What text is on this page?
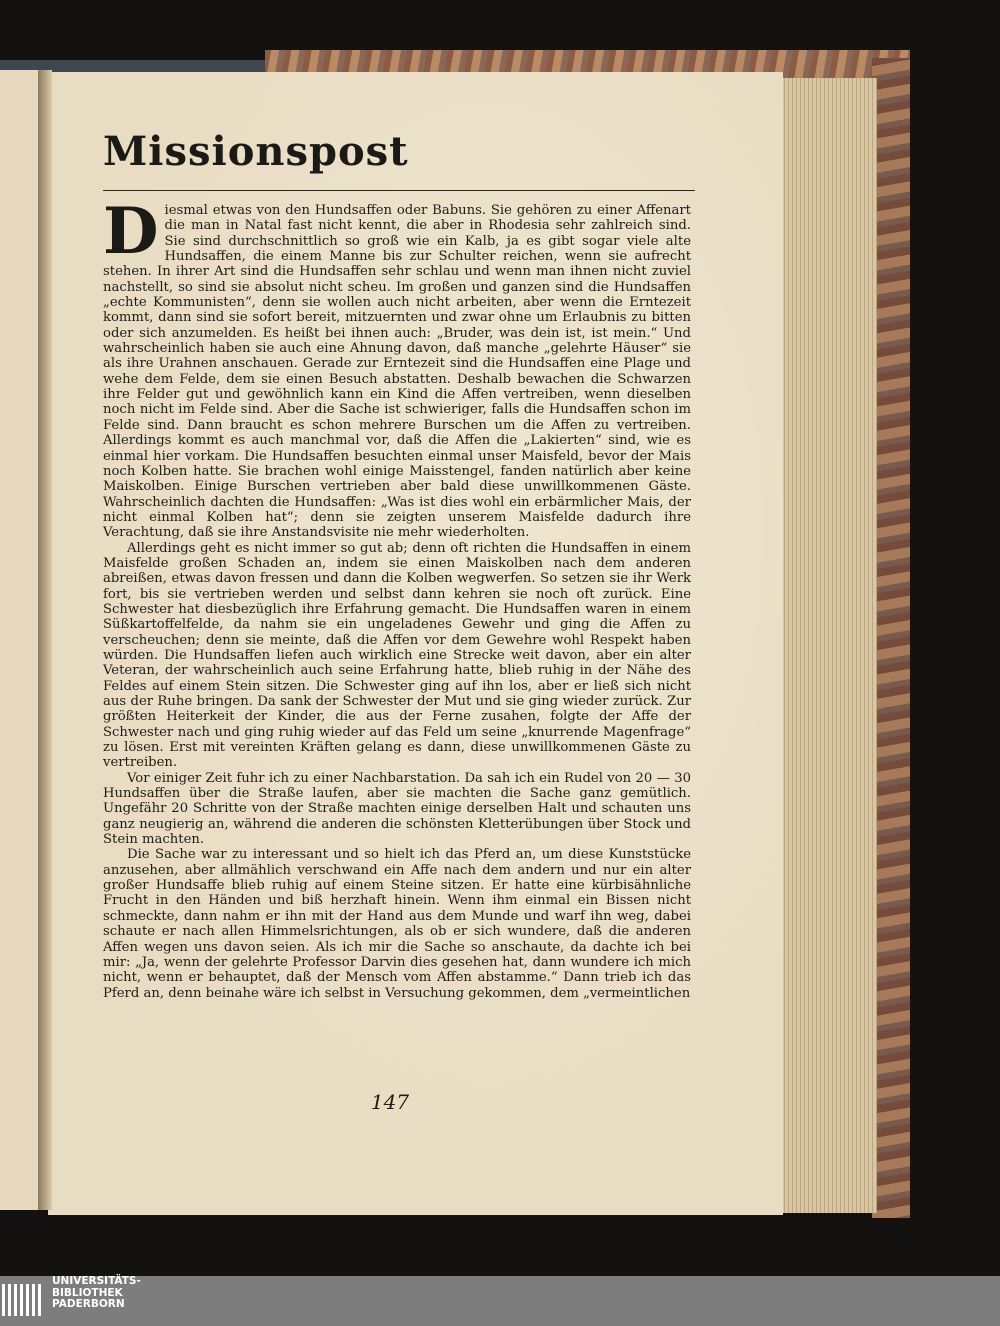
Missionspost

Diesmal etwas von den Hundsaffen oder Babuns. Sie gehören zu einer Affenart die man in Natal fast nicht kennt, die aber in Rhodesia sehr zahlreich sind. Sie sind durchschnittlich so groß wie ein Kalb, ja es gibt sogar viele alte Hundsaffen, die einem Manne bis zur Schulter reichen, wenn sie aufrecht stehen. In ihrer Art sind die Hundsaffen sehr schlau und wenn man ihnen nicht zuviel nachstellt, so sind sie absolut nicht scheu. Im großen und ganzen sind die Hundsaffen „echte Kommunisten“, denn sie wollen auch nicht arbeiten, aber wenn die Erntezeit kommt, dann sind sie sofort bereit, mitzuernten und zwar ohne um Erlaubnis zu bitten oder sich anzumelden. Es heißt bei ihnen auch: „Bruder, was dein ist, ist mein.“ Und wahrscheinlich haben sie auch eine Ahnung davon, daß manche „gelehrte Häuser“ sie als ihre Urahnen anschauen. Gerade zur Erntezeit sind die Hundsaffen eine Plage und wehe dem Felde, dem sie einen Besuch abstatten. Deshalb bewachen die Schwarzen ihre Felder gut und gewöhnlich kann ein Kind die Affen vertreiben, wenn dieselben noch nicht im Felde sind. Aber die Sache ist schwieriger, falls die Hundsaffen schon im Felde sind. Dann braucht es schon mehrere Burschen um die Affen zu vertreiben. Allerdings kommt es auch manchmal vor, daß die Affen die „Lakierten“ sind, wie es einmal hier vorkam. Die Hundsaffen besuchten einmal unser Maisfeld, bevor der Mais noch Kolben hatte. Sie brachen wohl einige Maisstengel, fanden natürlich aber keine Maiskolben. Einige Burschen vertrieben aber bald diese unwillkommenen Gäste. Wahrscheinlich dachten die Hundsaffen: „Was ist dies wohl ein erbärmlicher Mais, der nicht einmal Kolben hat“; denn sie zeigten unserem Maisfelde dadurch ihre Verachtung, daß sie ihre Anstandsvisite nie mehr wiederholten.

Allerdings geht es nicht immer so gut ab; denn oft richten die Hundsaffen in einem Maisfelde großen Schaden an, indem sie einen Maiskolben nach dem anderen abreißen, etwas davon fressen und dann die Kolben wegwerfen. So setzen sie ihr Werk fort, bis sie vertrieben werden und selbst dann kehren sie noch oft zurück. Eine Schwester hat diesbezüglich ihre Erfahrung gemacht. Die Hundsaffen waren in einem Süßkartoffelfelde, da nahm sie ein ungeladenes Gewehr und ging die Affen zu verscheuchen; denn sie meinte, daß die Affen vor dem Gewehre wohl Respekt haben würden. Die Hundsaffen liefen auch wirklich eine Strecke weit davon, aber ein alter Veteran, der wahrscheinlich auch seine Erfahrung hatte, blieb ruhig in der Nähe des Feldes auf einem Stein sitzen. Die Schwester ging auf ihn los, aber er ließ sich nicht aus der Ruhe bringen. Da sank der Schwester der Mut und sie ging wieder zurück. Zur größten Heiterkeit der Kinder, die aus der Ferne zusahen, folgte der Affe der Schwester nach und ging ruhig wieder auf das Feld um seine „knurrende Magenfrage“ zu lösen. Erst mit vereinten Kräften gelang es dann, diese unwillkommenen Gäste zu vertreiben.

Vor einiger Zeit fuhr ich zu einer Nachbarstation. Da sah ich ein Rudel von 20 — 30 Hundsaffen über die Straße laufen, aber sie machten die Sache ganz gemütlich. Ungefähr 20 Schritte von der Straße machten einige derselben Halt und schauten uns ganz neugierig an, während die anderen die schönsten Kletterübungen über Stock und Stein machten.

Die Sache war zu interessant und so hielt ich das Pferd an, um diese Kunststücke anzusehen, aber allmählich verschwand ein Affe nach dem andern und nur ein alter großer Hundsaffe blieb ruhig auf einem Steine sitzen. Er hatte eine kürbisähnliche Frucht in den Händen und biß herzhaft hinein. Wenn ihm einmal ein Bissen nicht schmeckte, dann nahm er ihn mit der Hand aus dem Munde und warf ihn weg, dabei schaute er nach allen Himmelsrichtungen, als ob er sich wundere, daß die anderen Affen wegen uns davon seien. Als ich mir die Sache so anschaute, da dachte ich bei mir: „Ja, wenn der gelehrte Professor Darvin dies gesehen hat, dann wundere ich mich nicht, wenn er behauptet, daß der Mensch vom Affen abstamme.“ Dann trieb ich das Pferd an, denn beinahe wäre ich selbst in Versuchung gekommen, dem „vermeintlichen

147
UNIVERSITÄTS-
BIBLIOTHEK
PADERBORN
